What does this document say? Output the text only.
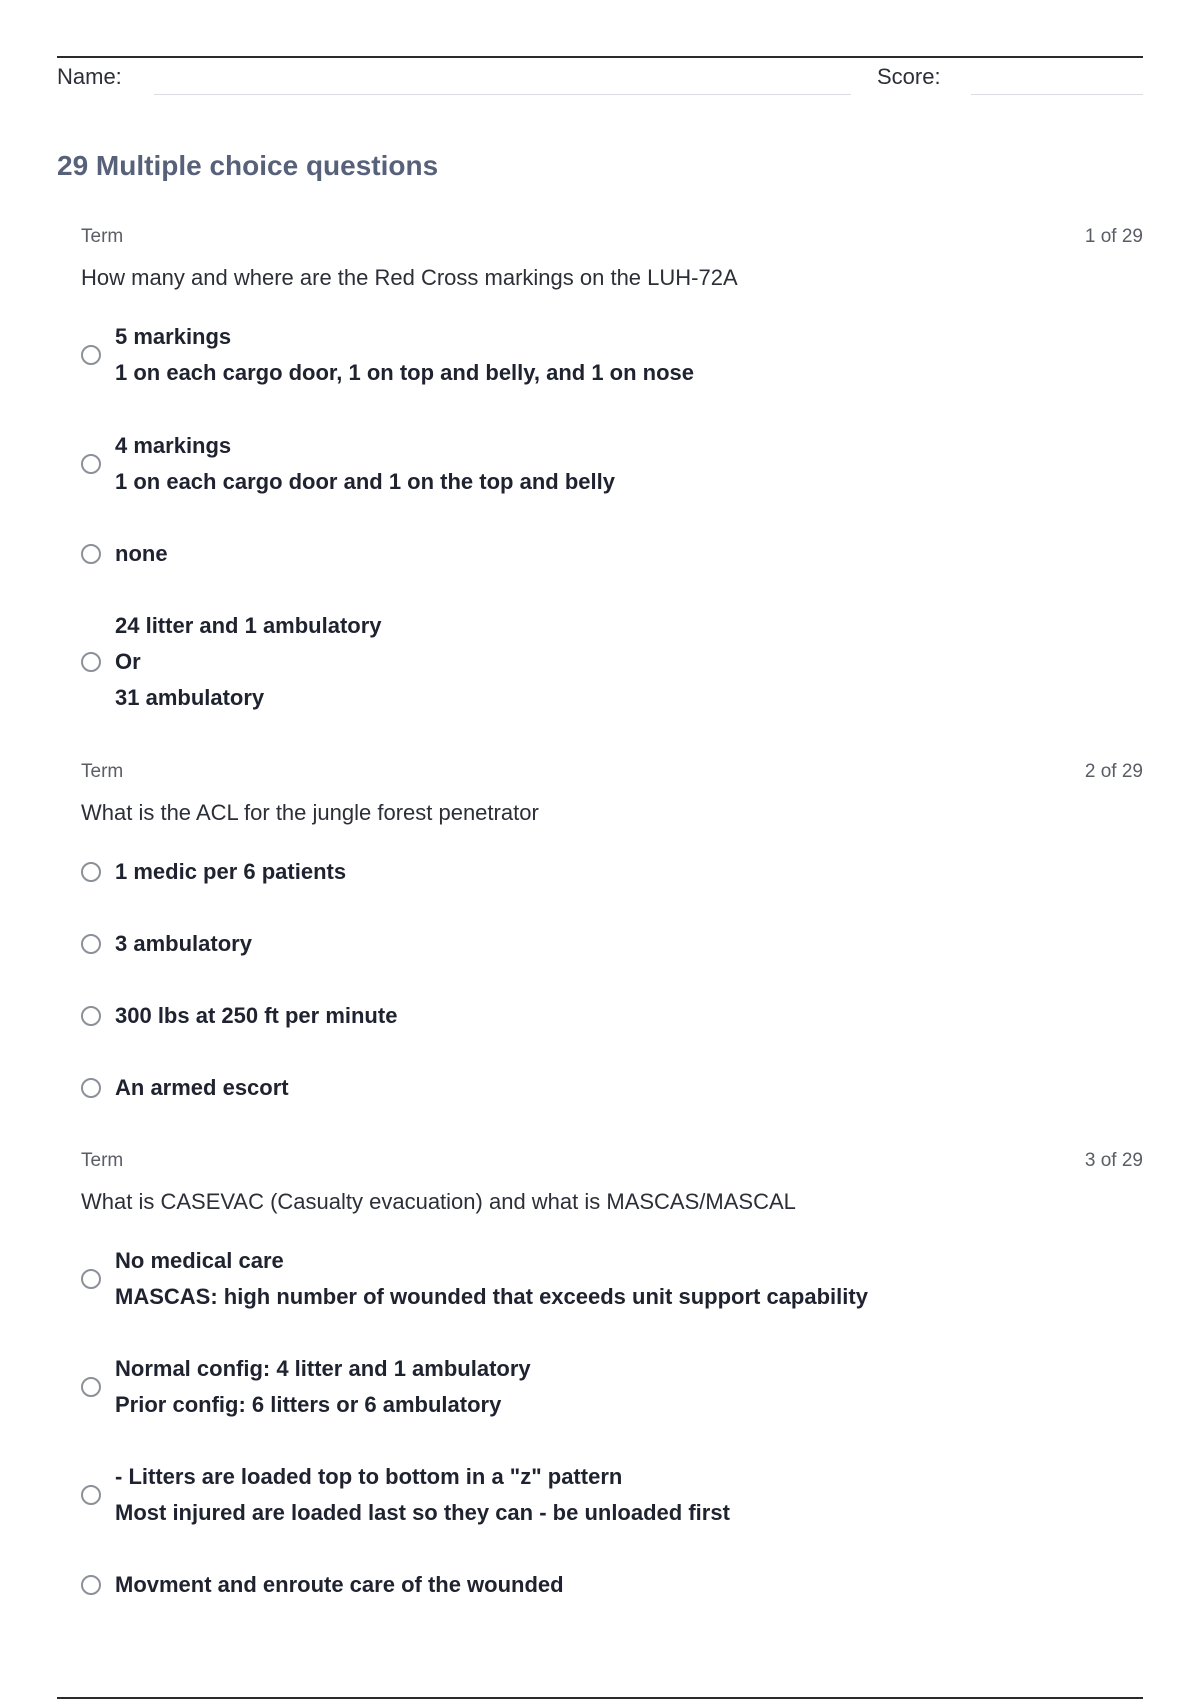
Name:	Score:
29 Multiple choice questions
Term	1 of 29
How many and where are the Red Cross markings on the LUH-72A
5 markings
1 on each cargo door, 1 on top and belly, and 1 on nose
4 markings
1 on each cargo door and 1 on the top and belly
none
24 litter and 1 ambulatory
Or
31 ambulatory
Term	2 of 29
What is the ACL for the jungle forest penetrator
1 medic per 6 patients
3 ambulatory
300 lbs at 250 ft per minute
An armed escort
Term	3 of 29
What is CASEVAC (Casualty evacuation) and what is MASCAS/MASCAL
No medical care
MASCAS: high number of wounded that exceeds unit support capability
Normal config: 4 litter and 1 ambulatory
Prior config: 6 litters or 6 ambulatory
- Litters are loaded top to bottom in a "z" pattern
Most injured are loaded last so they can - be unloaded first
Movment and enroute care of the wounded
